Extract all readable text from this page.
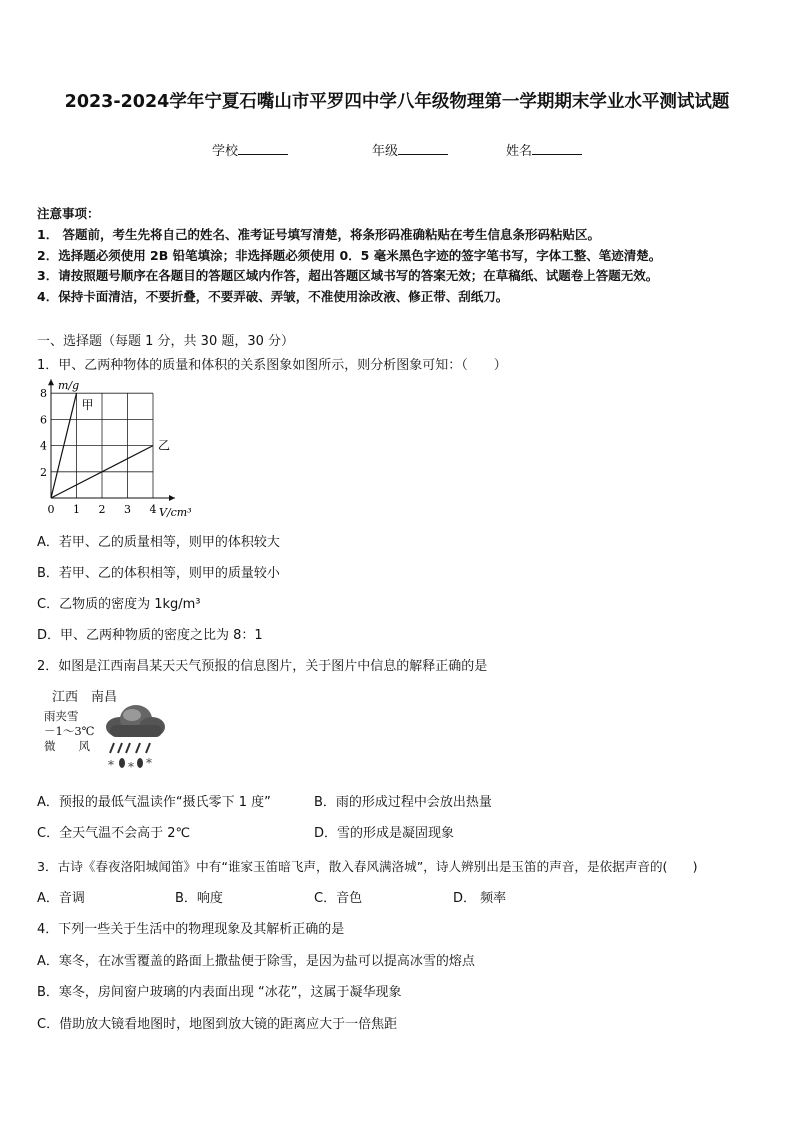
2023-2024学年宁夏石嘴山市平罗四中学八年级物理第一学期期末学业水平测试试题
学校	年级	姓名
注意事项：
1． 答题前，考生先将自己的姓名、准考证号填写清楚，将条形码准确粘贴在考生信息条形码粘贴区。
2．选择题必须使用 2B 铅笔填涂；非选择题必须使用 0．5 毫米黑色字迹的签字笔书写，字体工整、笔迹清楚。
3．请按照题号顺序在各题目的答题区域内作答，超出答题区域书写的答案无效；在草稿纸、试题卷上答题无效。
4．保持卡面清洁，不要折叠，不要弄破、弄皱，不准使用涂改液、修正带、刮纸刀。
一、选择题（每题 1 分，共 30 题，30 分）
1．甲、乙两种物体的质量和体积的关系图象如图所示，则分析图象可知：（　　）
0 1 2 3 4
2
4
6
8
甲
乙
m/g
V/cm³
A．若甲、乙的质量相等，则甲的体积较大
B．若甲、乙的体积相等，则甲的质量较小
C．乙物质的密度为 1kg/m³
D．甲、乙两种物质的密度之比为 8：1
2．如图是江西南昌某天天气预报的信息图片，关于图片中信息的解释正确的是
江西　南昌
雨夹雪
－1～3℃
微　　风
* * *
A．预报的最低气温读作“摄氏零下 1 度”	B．雨的形成过程中会放出热量
C．全天气温不会高于 2℃	D．雪的形成是凝固现象
3．古诗《春夜洛阳城闻笛》中有“谁家玉笛暗飞声，散入春风满洛城”，诗人辨别出是玉笛的声音，是依据声音的(　　)
A．音调	B．响度	C．音色	D． 频率
4．下列一些关于生活中的物理现象及其解析正确的是
A．寒冬，在冰雪覆盖的路面上撒盐便于除雪，是因为盐可以提高冰雪的熔点
B．寒冬，房间窗户玻璃的内表面出现 “冰花”，这属于凝华现象
C．借助放大镜看地图时，地图到放大镜的距离应大于一倍焦距
